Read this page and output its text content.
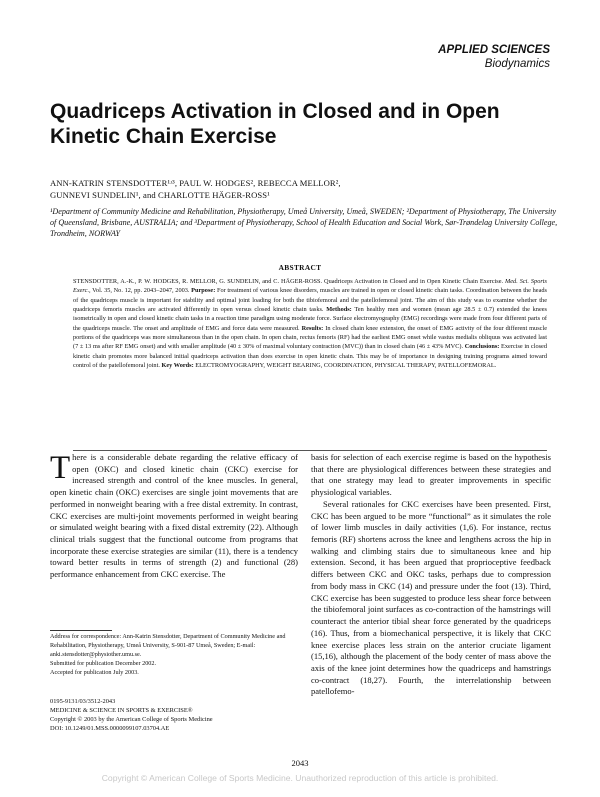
APPLIED SCIENCES
Biodynamics
Quadriceps Activation in Closed and in Open Kinetic Chain Exercise
ANN-KATRIN STENSDOTTER¹ʴ³, PAUL W. HODGES², REBECCA MELLOR²,
GUNNEVI SUNDELIN¹, and CHARLOTTE HÄGER-ROSS¹
¹Department of Community Medicine and Rehabilitation, Physiotherapy, Umeå University, Umeå, SWEDEN; ²Department of Physiotherapy, The University of Queensland, Brisbane, AUSTRALIA; and ³Department of Physiotherapy, School of Health Education and Social Work, Sør-Trøndelag University College, Trondheim, NORWAY
ABSTRACT
STENSDOTTER, A.-K., P. W. HODGES, R. MELLOR, G. SUNDELIN, and C. HÄGER-ROSS. Quadriceps Activation in Closed and in Open Kinetic Chain Exercise. Med. Sci. Sports Exerc., Vol. 35, No. 12, pp. 2043–2047, 2003. Purpose: For treatment of various knee disorders, muscles are trained in open or closed kinetic chain tasks. Coordination between the heads of the quadriceps muscle is important for stability and optimal joint loading for both the tibiofemoral and the patellofemoral joint. The aim of this study was to examine whether the quadriceps femoris muscles are activated differently in open versus closed kinetic chain tasks. Methods: Ten healthy men and women (mean age 28.5 ± 0.7) extended the knees isometrically in open and closed kinetic chain tasks in a reaction time paradigm using moderate force. Surface electromyography (EMG) recordings were made from four different parts of the quadriceps muscle. The onset and amplitude of EMG and force data were measured. Results: In closed chain knee extension, the onset of EMG activity of the four different muscle portions of the quadriceps was more simultaneous than in the open chain. In open chain, rectus femoris (RF) had the earliest EMG onset while vastus medialis obliquus was activated last (7 ± 13 ms after RF EMG onset) and with smaller amplitude (40 ± 30% of maximal voluntary contraction (MVC)) than in closed chain (46 ± 43% MVC). Conclusions: Exercise in closed kinetic chain promotes more balanced initial quadriceps activation than does exercise in open kinetic chain. This may be of importance in designing training programs aimed toward control of the patellofemoral joint. Key Words: ELECTROMYOGRAPHY, WEIGHT BEARING, COORDINATION, PHYSICAL THERAPY, PATELLOFEMORAL.

There is a considerable debate regarding the relative efficacy of open (OKC) and closed kinetic chain (CKC) exercise for increased strength and control of the knee muscles. In general, open kinetic chain (OKC) exercises are single joint movements that are performed in nonweight bearing with a free distal extremity. In contrast, CKC exercises are multi-joint movements performed in weight bearing or simulated weight bearing with a fixed distal extremity (22). Although clinical trials suggest that the functional outcome from programs that incorporate these exercise strategies are similar (11), there is a tendency toward better results in terms of strength (2) and functional (28) performance enhancement from CKC exercise. The

basis for selection of each exercise regime is based on the hypothesis that there are physiological differences between these strategies and that one strategy may lead to greater improvements in specific physiological variables.

Several rationales for CKC exercises have been presented. First, CKC has been argued to be more “functional” as it simulates the role of lower limb muscles in daily activities (1,6). For instance, rectus femoris (RF) shortens across the knee and lengthens across the hip in walking and climbing stairs due to simultaneous knee and hip extension. Second, it has been argued that proprioceptive feedback differs between CKC and OKC tasks, perhaps due to compression from body mass in CKC (14) and pressure under the foot (13). Third, CKC exercise has been suggested to produce less shear force between the tibiofemoral joint surfaces as co-contraction of the hamstrings will counteract the anterior tibial shear force generated by the quadriceps (16). Thus, from a biomechanical perspective, it is likely that CKC knee exercise places less strain on the anterior cruciate ligament (15,16), although the placement of the body center of mass above the axis of the knee joint determines how the quadriceps and hamstrings co-contract (18,27). Fourth, the interrelationship between patellofemo-

Address for correspondence: Ann-Katrin Stensdotter, Department of Community Medicine and Rehabilitation, Physiotherapy, Umeå University, S-901-87 Umeå, Sweden; E-mail: anki.stensdotter@physiother.umu.se.
Submitted for publication December 2002.
Accepted for publication July 2003.
0195-9131/03/3512-2043
MEDICINE & SCIENCE IN SPORTS & EXERCISE®
Copyright © 2003 by the American College of Sports Medicine
DOI: 10.1249/01.MSS.0000099107.03704.AE
2043
Copyright © American College of Sports Medicine. Unauthorized reproduction of this article is prohibited.
